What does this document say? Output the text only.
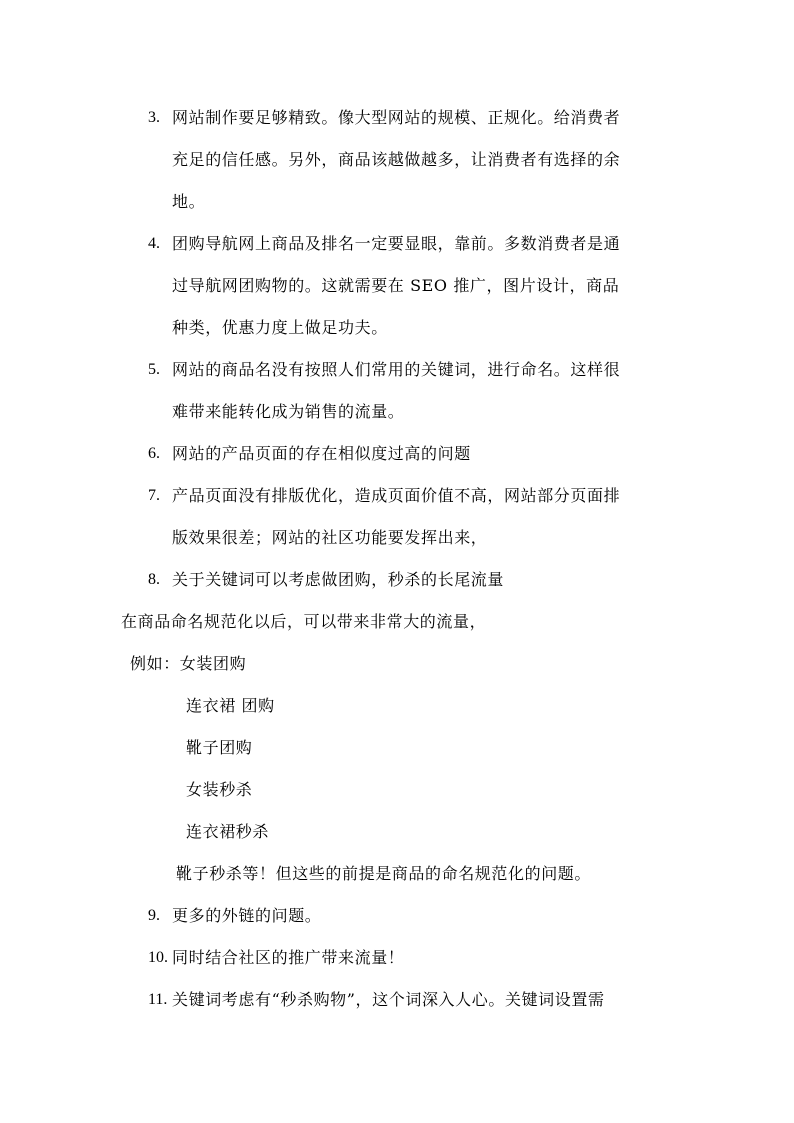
3. 网站制作要足够精致。像大型网站的规模、正规化。给消费者
充足的信任感。另外，商品该越做越多，让消费者有选择的余
地。
4. 团购导航网上商品及排名一定要显眼，靠前。多数消费者是通
过导航网团购物的。这就需要在 SEO 推广，图片设计，商品
种类，优惠力度上做足功夫。
5. 网站的商品名没有按照人们常用的关键词，进行命名。这样很
难带来能转化成为销售的流量。
6. 网站的产品页面的存在相似度过高的问题
7. 产品页面没有排版优化，造成页面价值不高，网站部分页面排
版效果很差；网站的社区功能要发挥出来，
8. 关于关键词可以考虑做团购，秒杀的长尾流量
在商品命名规范化以后，可以带来非常大的流量，
例如：女装团购
连衣裙 团购
靴子团购
女装秒杀
连衣裙秒杀
靴子秒杀等！但这些的前提是商品的命名规范化的问题。
9. 更多的外链的问题。
10. 同时结合社区的推广带来流量！
11. 关键词考虑有“秒杀购物”，这个词深入人心。关键词设置需
